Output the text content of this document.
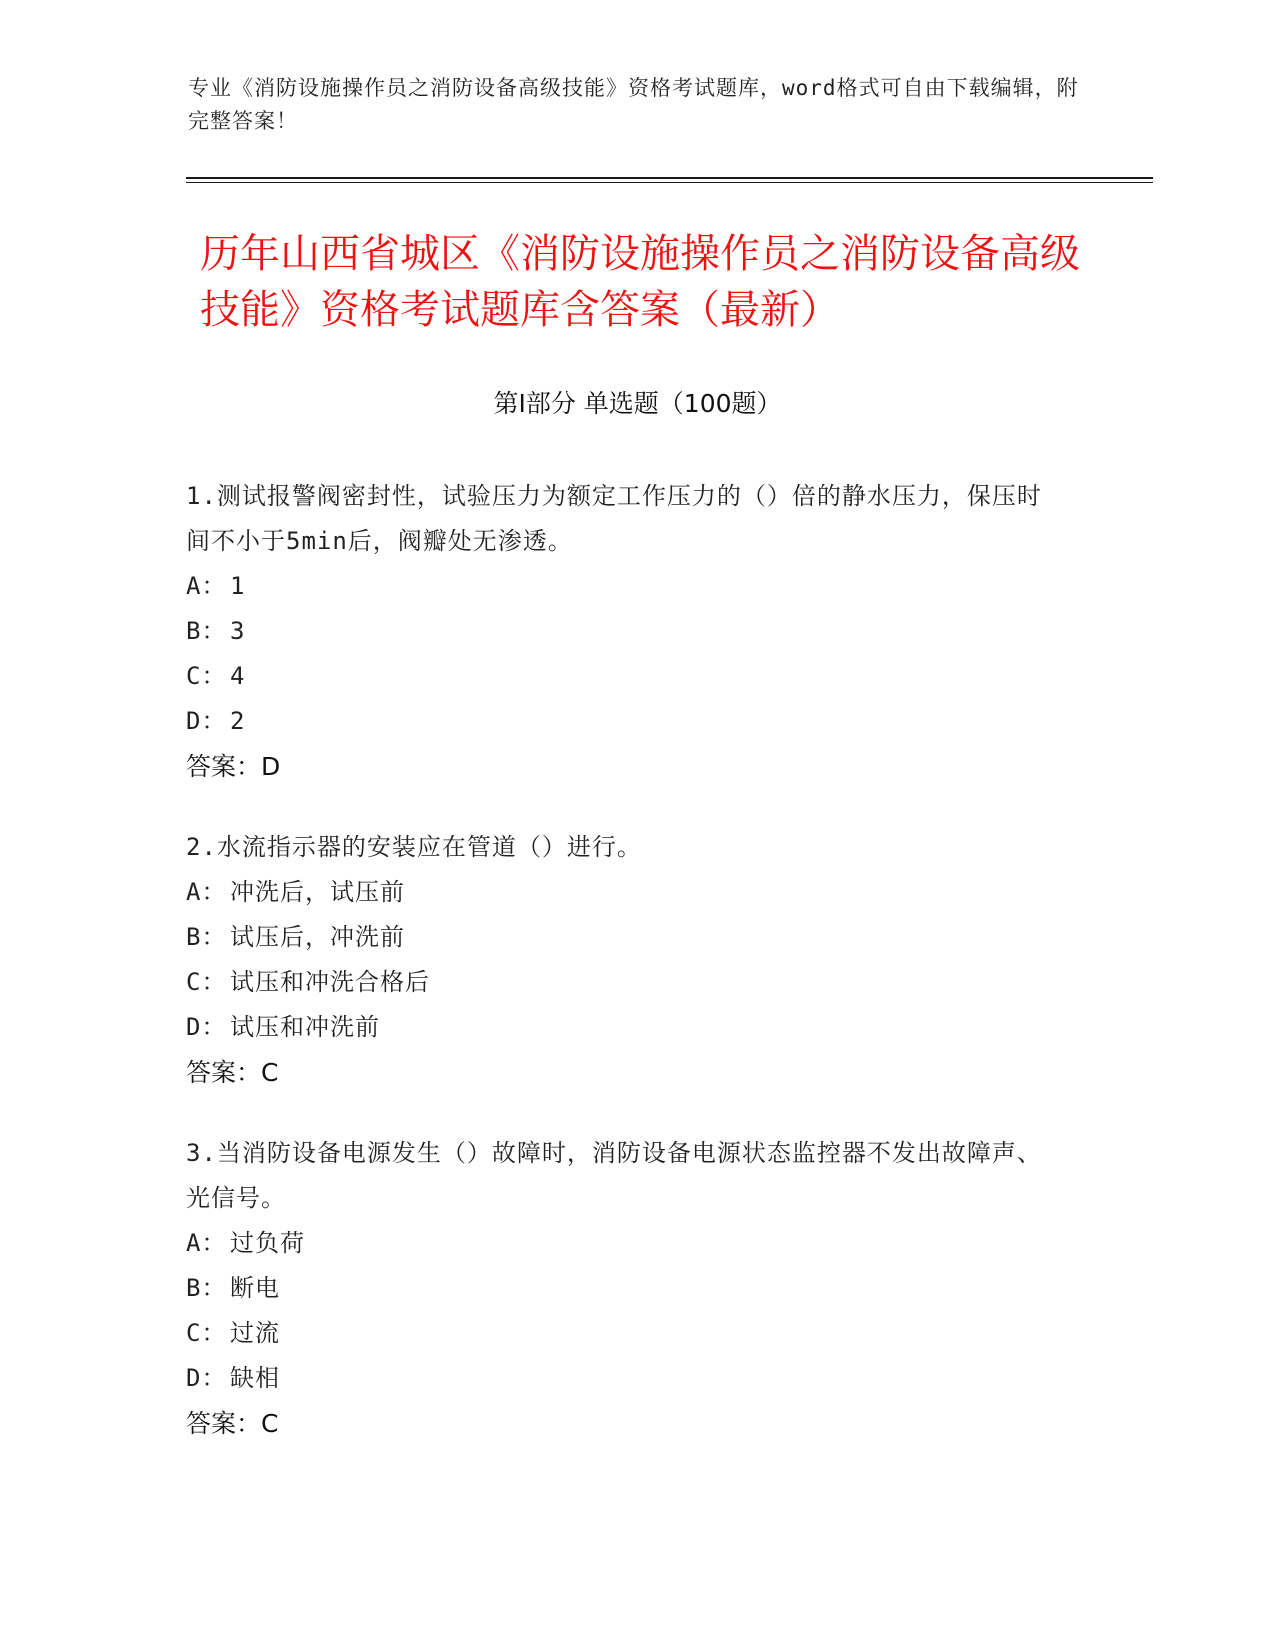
专业《消防设施操作员之消防设备高级技能》资格考试题库，word格式可自由下载编辑，附完整答案！
历年山西省城区《消防设施操作员之消防设备高级技能》资格考试题库含答案（最新）
第Ⅰ部分 单选题（100题）
1.测试报警阀密封性，试验压力为额定工作压力的（）倍的静水压力，保压时间不小于5min后，阀瓣处无渗透。
A： 1
B： 3
C： 4
D： 2
答案：D
2.水流指示器的安装应在管道（）进行。
A： 冲洗后，试压前
B： 试压后，冲洗前
C： 试压和冲洗合格后
D： 试压和冲洗前
答案：C
3.当消防设备电源发生（）故障时，消防设备电源状态监控器不发出故障声、光信号。
A： 过负荷
B： 断电
C： 过流
D： 缺相
答案：C
